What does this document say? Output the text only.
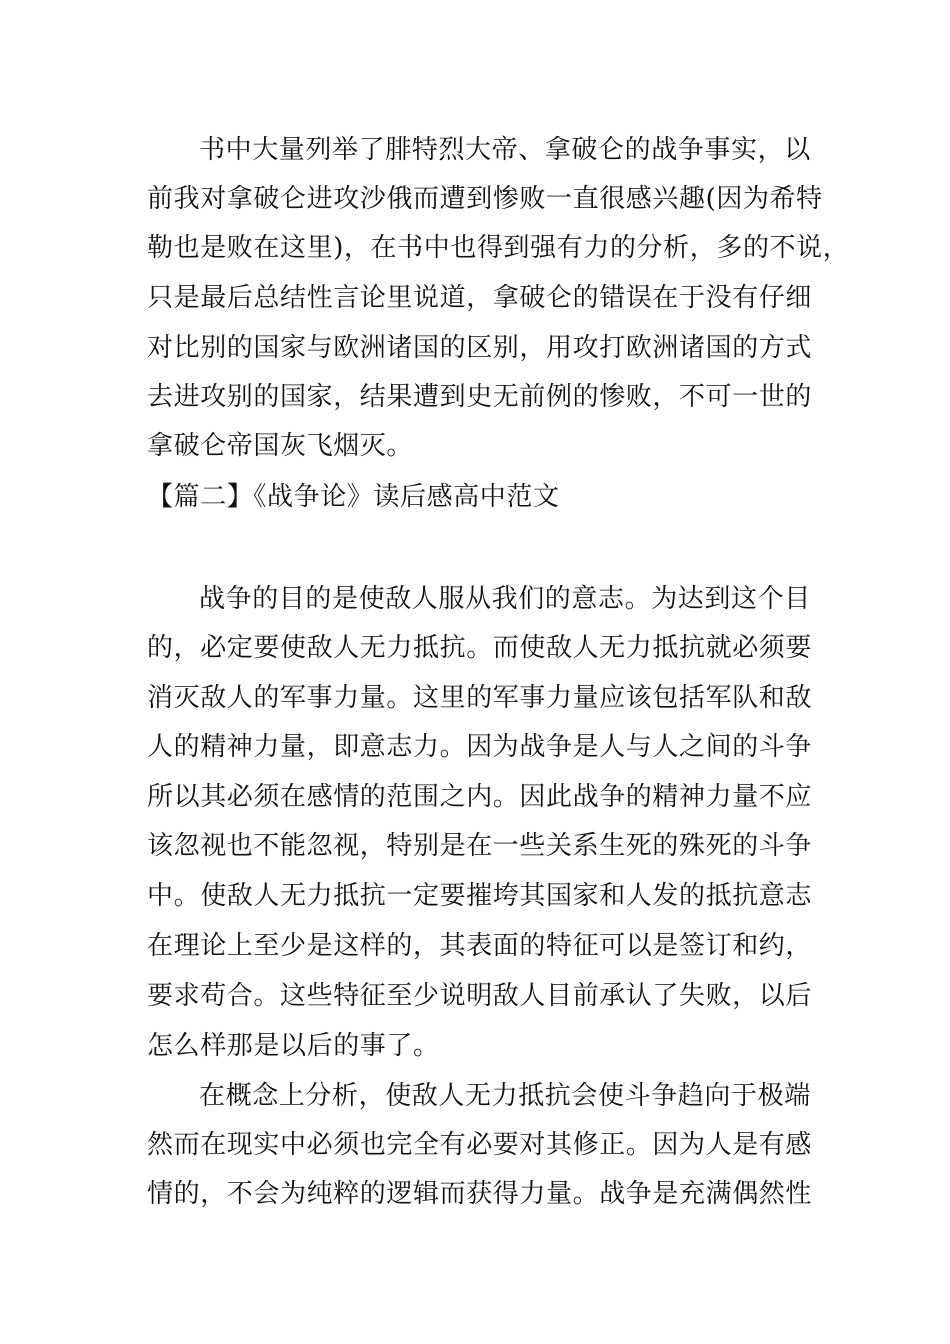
书中大量列举了腓特烈大帝、拿破仑的战争事实，以
前我对拿破仑进攻沙俄而遭到惨败一直很感兴趣(因为希特
勒也是败在这里)，在书中也得到强有力的分析，多的不说，
只是最后总结性言论里说道，拿破仑的错误在于没有仔细
对比别的国家与欧洲诸国的区别，用攻打欧洲诸国的方式
去进攻别的国家，结果遭到史无前例的惨败，不可一世的
拿破仑帝国灰飞烟灭。
【篇二】《战争论》读后感高中范文
战争的目的是使敌人服从我们的意志。为达到这个目
的，必定要使敌人无力抵抗。而使敌人无力抵抗就必须要
消灭敌人的军事力量。这里的军事力量应该包括军队和敌
人的精神力量，即意志力。因为战争是人与人之间的斗争
所以其必须在感情的范围之内。因此战争的精神力量不应
该忽视也不能忽视，特别是在一些关系生死的殊死的斗争
中。使敌人无力抵抗一定要摧垮其国家和人发的抵抗意志
在理论上至少是这样的，其表面的特征可以是签订和约，
要求苟合。这些特征至少说明敌人目前承认了失败，以后
怎么样那是以后的事了。
在概念上分析，使敌人无力抵抗会使斗争趋向于极端
然而在现实中必须也完全有必要对其修正。因为人是有感
情的，不会为纯粹的逻辑而获得力量。战争是充满偶然性
